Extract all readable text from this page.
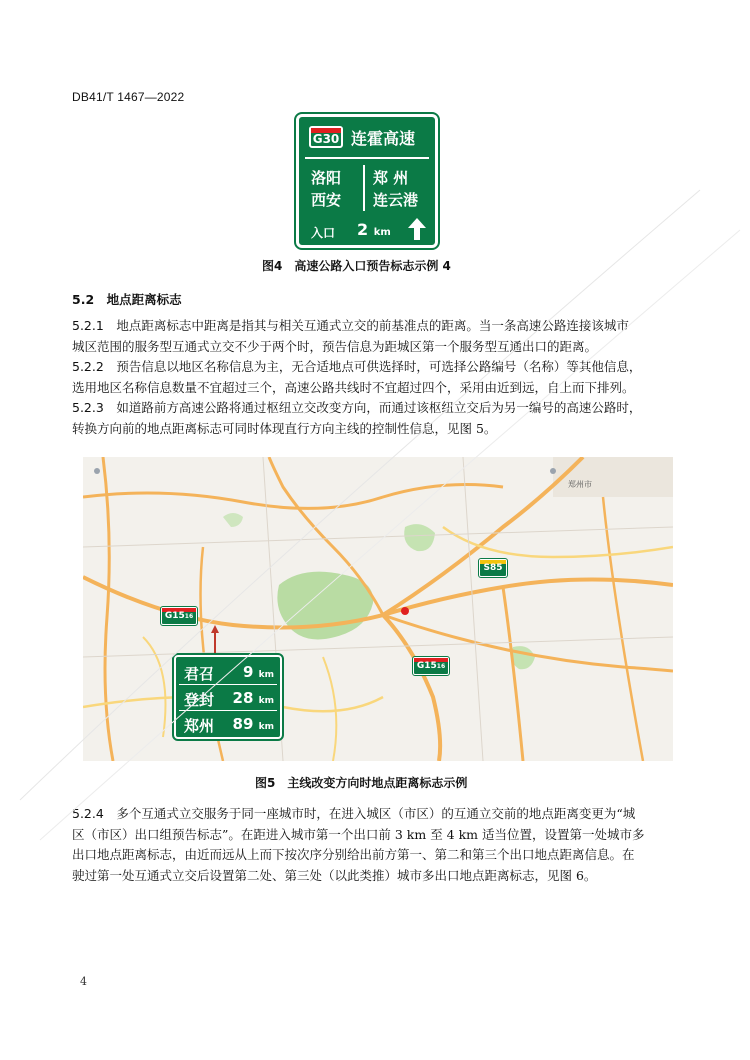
DB41/T 1467—2022
G30 连霍高速
洛阳
西安
郑 州
连云港
入口 2 km
图4　高速公路入口预告标志示例 4
5.2　 地点距离标志
5.2.1　 地点距离标志中距离是指其与相关互通式立交的前基准点的距离。当一条高速公路连接该城市
城区范围的服务型互通式立交不少于两个时，预告信息为距城区第一个服务型互通出口的距离。
5.2.2　 预告信息以地区名称信息为主，无合适地点可供选择时，可选择公路编号（名称）等其他信息，
选用地区名称信息数量不宜超过三个，高速公路共线时不宜超过四个，采用由近到远，自上而下排列。
5.2.3　 如道路前方高速公路将通过枢纽立交改变方向，而通过该枢纽立交后为另一编号的高速公路时，
转换方向前的地点距离标志可同时体现直行方向主线的控制性信息，见图 5。
郑州市
S85
G1516
G1516
君召 9 km
登封 28 km
郑州 89 km
图5　主线改变方向时地点距离标志示例
5.2.4　 多个互通式立交服务于同一座城市时，在进入城区（市区）的互通立交前的地点距离变更为“城
区（市区）出口组预告标志”。在距进入城市第一个出口前 3 km 至 4 km 适当位置，设置第一处城市多
出口地点距离标志，由近而远从上而下按次序分别给出前方第一、第二和第三个出口地点距离信息。在
驶过第一处互通式立交后设置第二处、第三处（以此类推）城市多出口地点距离标志，见图 6。
4
